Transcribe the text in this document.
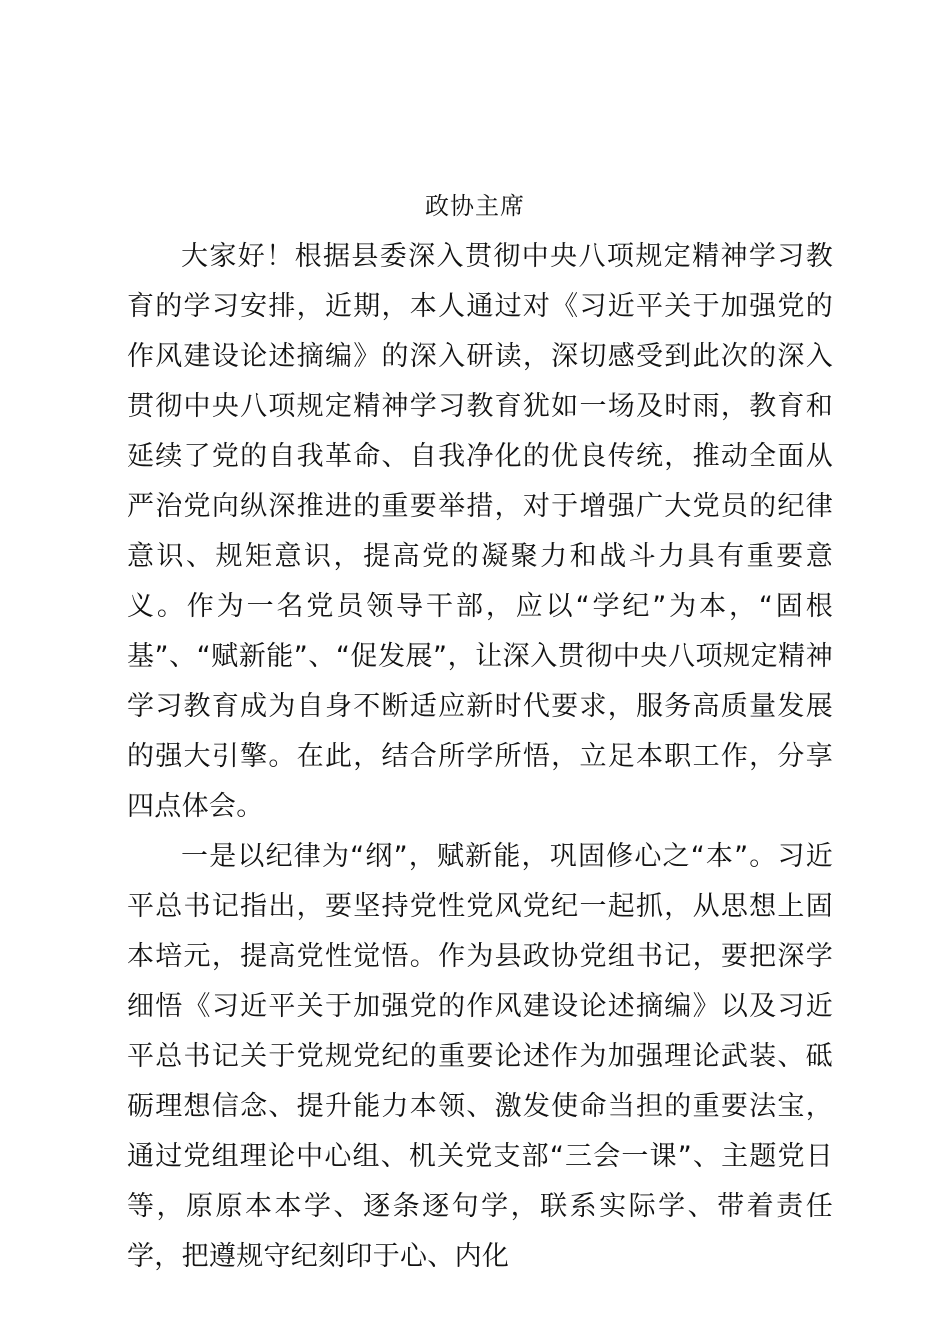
政协主席

大家好！根据县委深入贯彻中央八项规定精神学习教育的学习安排，近期，本人通过对《习近平关于加强党的作风建设论述摘编》的深入研读，深切感受到此次的深入贯彻中央八项规定精神学习教育犹如一场及时雨，教育和延续了党的自我革命、自我净化的优良传统，推动全面从严治党向纵深推进的重要举措，对于增强广大党员的纪律意识、规矩意识，提高党的凝聚力和战斗力具有重要意义。作为一名党员领导干部，应以“学纪”为本，“固根基”、“赋新能”、“促发展”，让深入贯彻中央八项规定精神学习教育成为自身不断适应新时代要求，服务高质量发展的强大引擎。在此，结合所学所悟，立足本职工作，分享四点体会。

一是以纪律为“纲”，赋新能，巩固修心之“本”。习近平总书记指出，要坚持党性党风党纪一起抓，从思想上固本培元，提高党性觉悟。作为县政协党组书记，要把深学细悟《习近平关于加强党的作风建设论述摘编》以及习近平总书记关于党规党纪的重要论述作为加强理论武装、砥砺理想信念、提升能力本领、激发使命当担的重要法宝，通过党组理论中心组、机关党支部“三会一课”、主题党日等，原原本本学、逐条逐句学，联系实际学、带着责任学，把遵规守纪刻印于心、内化
